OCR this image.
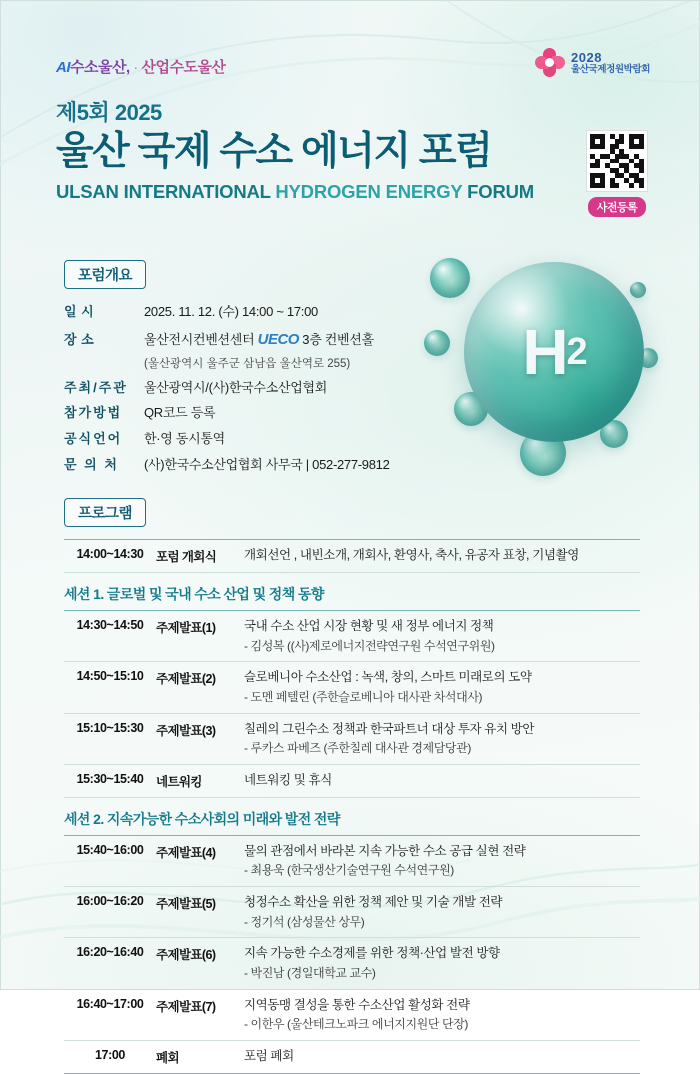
AI수소울산, · 산업수도울산
2028
울산국제정원박람회
제5회 2025
울산 국제 수소 에너지 포럼
ULSAN INTERNATIONAL HYDROGEN ENERGY FORUM
사전등록
H 2
포럼개요
일 시	2025. 11. 12. (수) 14:00 ~ 17:00
장 소	울산전시컨벤션센터 UECO 3층 컨벤션홀
(울산광역시 울주군 삼남읍 울산역로 255)
주최/주관	울산광역시/(사)한국수소산업협회
참가방법	QR코드 등록
공식언어	한·영 동시통역
문 의 처	(사)한국수소산업협회 사무국 | 052-277-9812
프로그램
14:00~14:30	포럼 개회식	개회선언 , 내빈소개, 개회사, 환영사, 축사, 유공자 표창, 기념촬영
세션 1. 글로벌 및 국내 수소 산업 및 정책 동향		
14:30~14:50	주제발표(1)	국내 수소 산업 시장 현황 및 새 정부 에너지 정책
- 김성복 ((사)제로에너지전략연구원 수석연구위원)

14:50~15:10	주제발표(2)	슬로베니아 수소산업 : 녹색, 창의, 스마트 미래로의 도약
- 도멘 페텔린 (주한슬로베니아 대사관 차석대사)

15:10~15:30	주제발표(3)	칠레의 그린수소 정책과 한국파트너 대상 투자 유치 방안
- 루카스 파베즈 (주한칠레 대사관 경제담당관)

15:30~15:40	네트워킹	네트워킹 및 휴식
세션 2. 지속가능한 수소사회의 미래와 발전 전략		
15:40~16:00	주제발표(4)	물의 관점에서 바라본 지속 가능한 수소 공급 실현 전략
- 최용욱 (한국생산기술연구원 수석연구원)

16:00~16:20	주제발표(5)	청정수소 확산을 위한 정책 제안 및 기술 개발 전략
- 정기석 (삼성물산 상무)

16:20~16:40	주제발표(6)	지속 가능한 수소경제를 위한 정책·산업 발전 방향
- 박진남 (경일대학교 교수)

16:40~17:00	주제발표(7)	지역동맹 결성을 통한 수소산업 활성화 전략
- 이한우 (울산테크노파크 에너지지원단 단장)

17:00	폐회	포럼 폐회
